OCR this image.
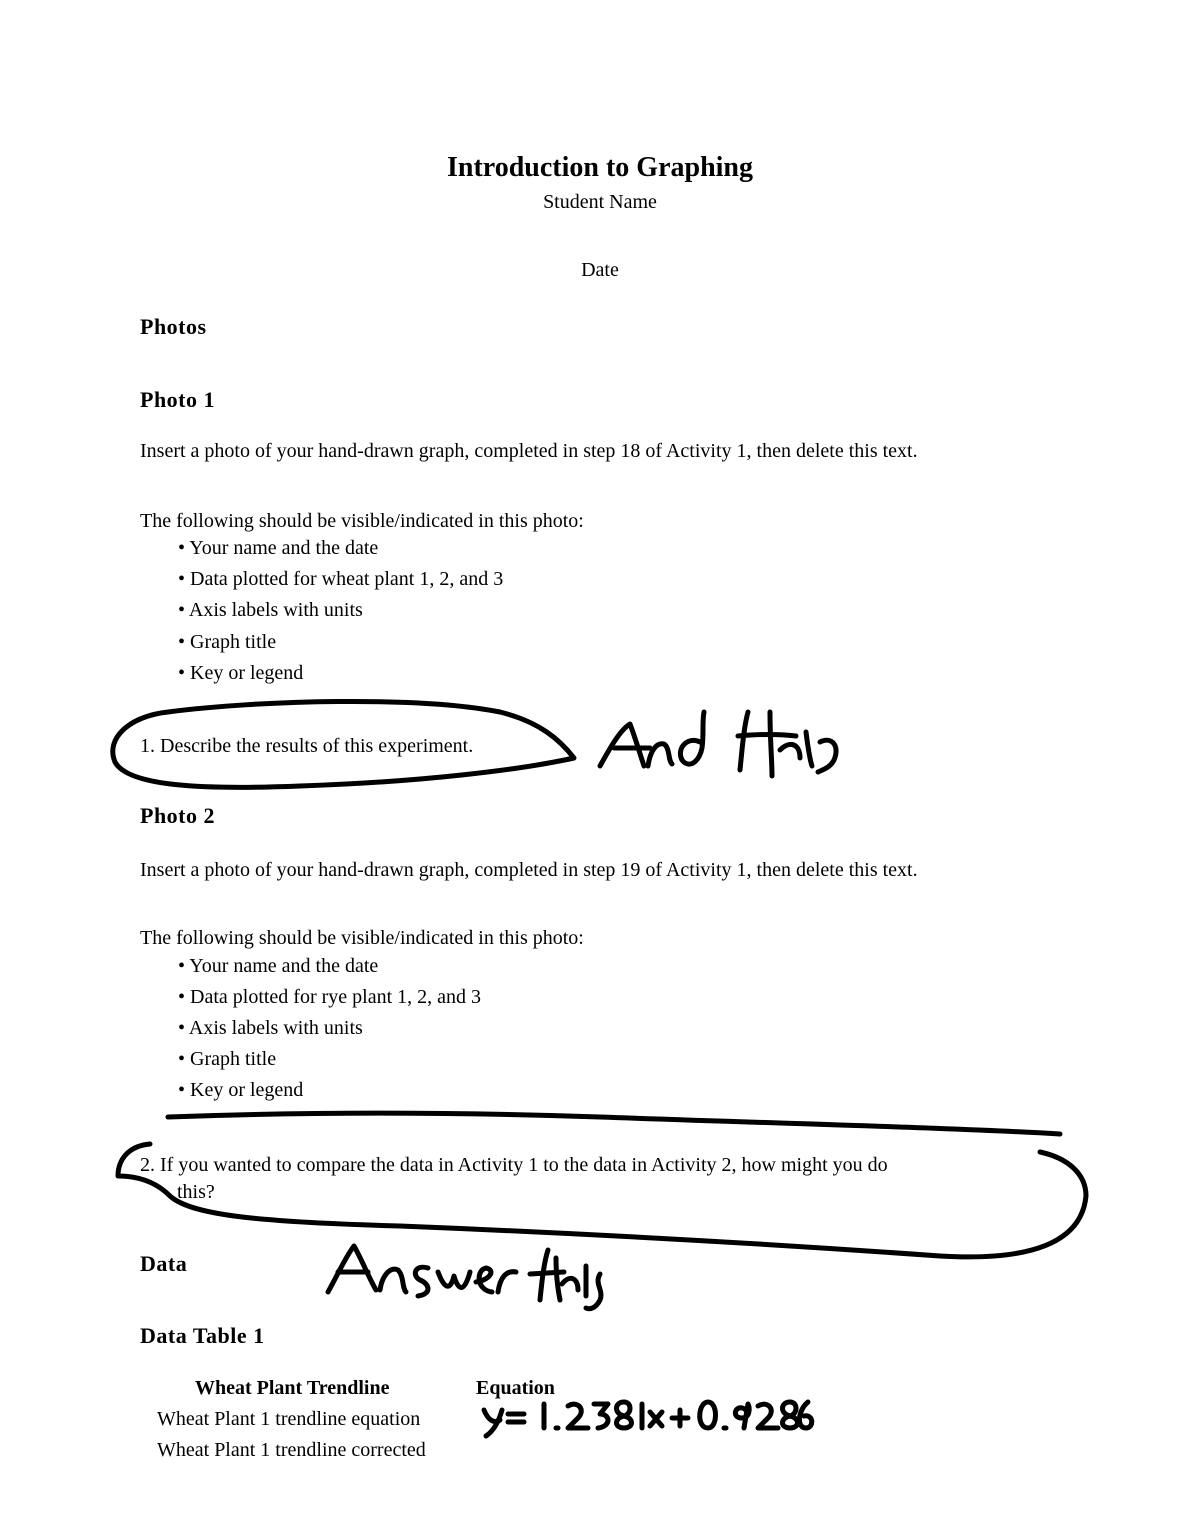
Introduction to Graphing
Student Name
Date
Photos
Photo 1
Insert a photo of your hand-drawn graph, completed in step 18 of Activity 1, then delete this text.
The following should be visible/indicated in this photo:
• Your name and the date
• Data plotted for wheat plant 1, 2, and 3
• Axis labels with units
• Graph title
• Key or legend
1. Describe the results of this experiment.
Photo 2
Insert a photo of your hand-drawn graph, completed in step 19 of Activity 1, then delete this text.
The following should be visible/indicated in this photo:
• Your name and the date
• Data plotted for rye plant 1, 2, and 3
• Axis labels with units
• Graph title
• Key or legend
2. If you wanted to compare the data in Activity 1 to the data in Activity 2, how might you do
this?
Data
Data Table 1
Wheat Plant Trendline	Equation
Wheat Plant 1 trendline equation
Wheat Plant 1 trendline corrected
